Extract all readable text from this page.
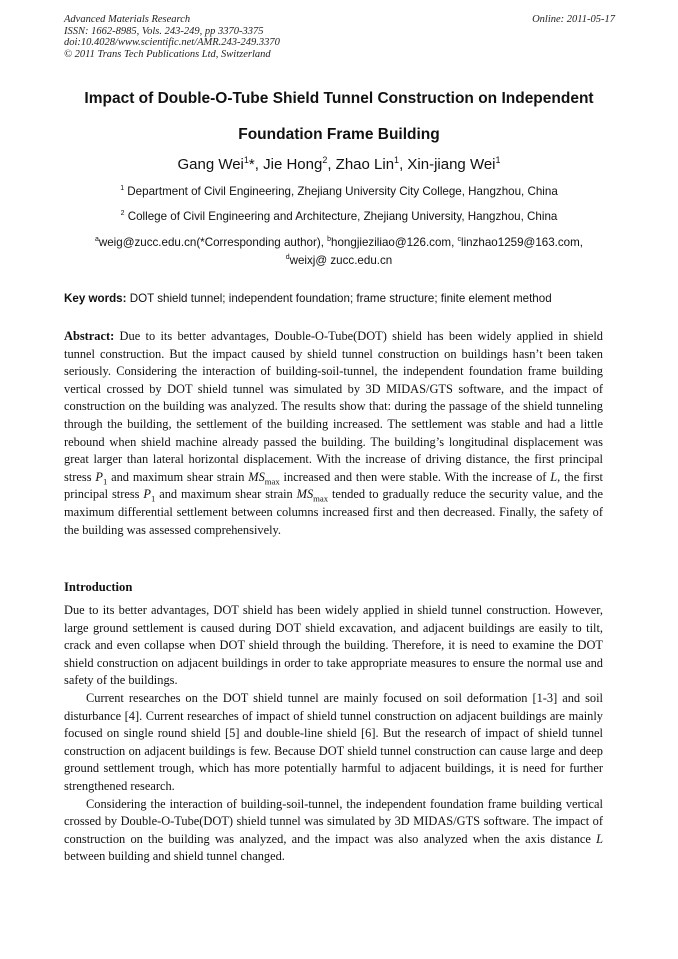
Advanced Materials Research
ISSN: 1662-8985, Vols. 243-249, pp 3370-3375
doi:10.4028/www.scientific.net/AMR.243-249.3370
© 2011 Trans Tech Publications Ltd, Switzerland
Online: 2011-05-17
Impact of Double-O-Tube Shield Tunnel Construction on Independent
Foundation Frame Building
Gang Wei$^1$*, Jie Hong$^2$, Zhao Lin$^1$, Xin-jiang Wei$^1$
$^1$ Department of Civil Engineering, Zhejiang University City College, Hangzhou, China
$^2$ College of Civil Engineering and Architecture, Zhejiang University, Hangzhou, China
$^a$weig@zucc.edu.cn(*Corresponding author), $^b$hongjieziliao@126.com, $^c$linzhao1259@163.com,
$^d$weixj@ zucc.edu.cn
Key words: DOT shield tunnel; independent foundation; frame structure; finite element method
Abstract: Due to its better advantages, Double-O-Tube(DOT) shield has been widely applied in shield tunnel construction. But the impact caused by shield tunnel construction on buildings hasn’t been taken seriously. Considering the interaction of building-soil-tunnel, the independent foundation frame building vertical crossed by DOT shield tunnel was simulated by 3D MIDAS/GTS software, and the impact of construction on the building was analyzed. The results show that: during the passage of the shield tunneling through the building, the settlement of the building increased. The settlement was stable and had a little rebound when shield machine already passed the building. The building’s longitudinal displacement was great larger than lateral horizontal displacement. With the increase of driving distance, the first principal stress $P_1$ and maximum shear strain $MS_{max}$ increased and then were stable. With the increase of L, the first principal stress $P_1$ and maximum shear strain $MS_{max}$ tended to gradually reduce the security value, and the maximum differential settlement between columns increased first and then decreased. Finally, the safety of the building was assessed comprehensively.
Introduction

Due to its better advantages, DOT shield has been widely applied in shield tunnel construction. However, large ground settlement is caused during DOT shield excavation, and adjacent buildings are easily to tilt, crack and even collapse when DOT shield through the building. Therefore, it is need to examine the DOT shield construction on adjacent buildings in order to take appropriate measures to ensure the normal use and safety of the buildings.

Current researches on the DOT shield tunnel are mainly focused on soil deformation [1-3] and soil disturbance [4]. Current researches of impact of shield tunnel construction on adjacent buildings are mainly focused on single round shield [5] and double-line shield [6]. But the research of impact of shield tunnel construction on adjacent buildings is few. Because DOT shield tunnel construction can cause large and deep ground settlement trough, which has more potentially harmful to adjacent buildings, it is need for further strengthened research.

Considering the interaction of building-soil-tunnel, the independent foundation frame building vertical crossed by Double-O-Tube(DOT) shield tunnel was simulated by 3D MIDAS/GTS software. The impact of construction on the building was analyzed, and the impact was also analyzed when the axis distance L between building and shield tunnel changed.
